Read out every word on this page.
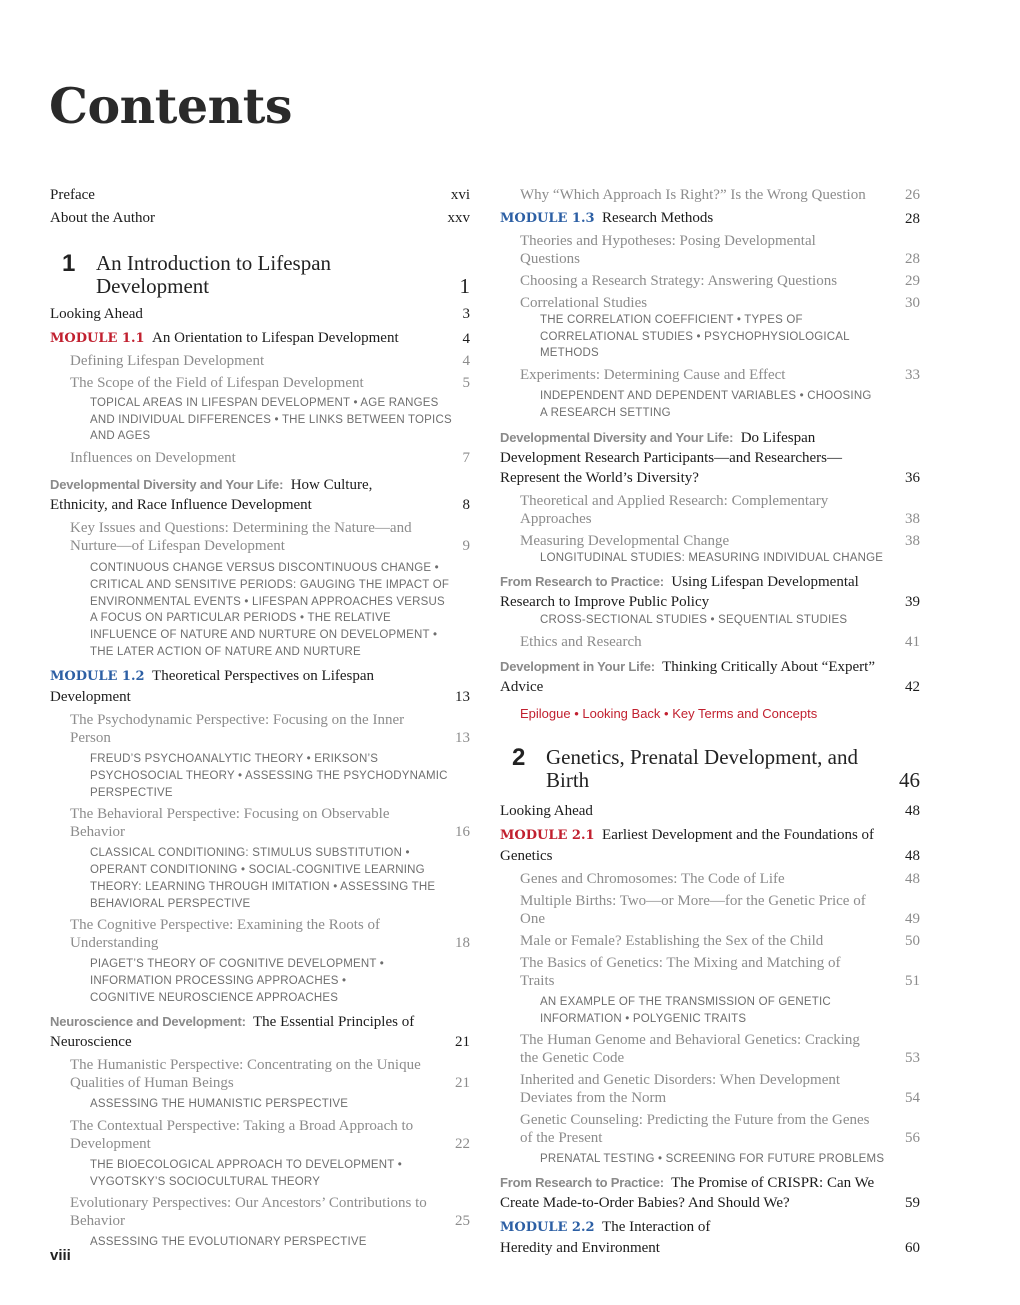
Contents
Preface	xvi
About the Author	xxv
1 An Introduction to Lifespan Development	1
Looking Ahead	3
MODULE 1.1 An Orientation to Lifespan Development	4
Defining Lifespan Development	4
The Scope of the Field of Lifespan Development	5
TOPICAL AREAS IN LIFESPAN DEVELOPMENT • AGE RANGES AND INDIVIDUAL DIFFERENCES • THE LINKS BETWEEN TOPICS AND AGES
Influences on Development	7
Developmental Diversity and Your Life: How Culture, Ethnicity, and Race Influence Development	8
Key Issues and Questions: Determining the Nature—and Nurture—of Lifespan Development	9
CONTINUOUS CHANGE VERSUS DISCONTINUOUS CHANGE • CRITICAL AND SENSITIVE PERIODS: GAUGING THE IMPACT OF ENVIRONMENTAL EVENTS • LIFESPAN APPROACHES VERSUS A FOCUS ON PARTICULAR PERIODS • THE RELATIVE INFLUENCE OF NATURE AND NURTURE ON DEVELOPMENT • THE LATER ACTION OF NATURE AND NURTURE
MODULE 1.2 Theoretical Perspectives on Lifespan Development	13
The Psychodynamic Perspective: Focusing on the Inner Person	13
FREUD’S PSYCHOANALYTIC THEORY • ERIKSON’S PSYCHOSOCIAL THEORY • ASSESSING THE PSYCHODYNAMIC PERSPECTIVE
The Behavioral Perspective: Focusing on Observable Behavior	16
CLASSICAL CONDITIONING: STIMULUS SUBSTITUTION • OPERANT CONDITIONING • SOCIAL-COGNITIVE LEARNING THEORY: LEARNING THROUGH IMITATION • ASSESSING THE BEHAVIORAL PERSPECTIVE
The Cognitive Perspective: Examining the Roots of Understanding	18
PIAGET’S THEORY OF COGNITIVE DEVELOPMENT • INFORMATION PROCESSING APPROACHES • COGNITIVE NEUROSCIENCE APPROACHES
Neuroscience and Development: The Essential Principles of Neuroscience	21
The Humanistic Perspective: Concentrating on the Unique Qualities of Human Beings	21
ASSESSING THE HUMANISTIC PERSPECTIVE
The Contextual Perspective: Taking a Broad Approach to Development	22
THE BIOECOLOGICAL APPROACH TO DEVELOPMENT • VYGOTSKY’S SOCIOCULTURAL THEORY
Evolutionary Perspectives: Our Ancestors’ Contributions to Behavior	25
ASSESSING THE EVOLUTIONARY PERSPECTIVE
Why “Which Approach Is Right?” Is the Wrong Question	26
MODULE 1.3 Research Methods	28
Theories and Hypotheses: Posing Developmental Questions	28
Choosing a Research Strategy: Answering Questions	29
Correlational Studies	30
THE CORRELATION COEFFICIENT • TYPES OF CORRELATIONAL STUDIES • PSYCHOPHYSIOLOGICAL METHODS
Experiments: Determining Cause and Effect	33
INDEPENDENT AND DEPENDENT VARIABLES • CHOOSING A RESEARCH SETTING
Developmental Diversity and Your Life: Do Lifespan Development Research Participants—and Researchers—Represent the World’s Diversity?	36
Theoretical and Applied Research: Complementary Approaches	38
Measuring Developmental Change	38
LONGITUDINAL STUDIES: MEASURING INDIVIDUAL CHANGE
From Research to Practice: Using Lifespan Developmental Research to Improve Public Policy	39
CROSS-SECTIONAL STUDIES • SEQUENTIAL STUDIES
Ethics and Research	41
Development in Your Life: Thinking Critically About “Expert” Advice	42
Epilogue • Looking Back • Key Terms and Concepts
2 Genetics, Prenatal Development, and Birth	46
Looking Ahead	48
MODULE 2.1 Earliest Development and the Foundations of Genetics	48
Genes and Chromosomes: The Code of Life	48
Multiple Births: Two—or More—for the Genetic Price of One	49
Male or Female? Establishing the Sex of the Child	50
The Basics of Genetics: The Mixing and Matching of Traits	51
AN EXAMPLE OF THE TRANSMISSION OF GENETIC INFORMATION • POLYGENIC TRAITS
The Human Genome and Behavioral Genetics: Cracking the Genetic Code	53
Inherited and Genetic Disorders: When Development Deviates from the Norm	54
Genetic Counseling: Predicting the Future from the Genes of the Present	56
PRENATAL TESTING • SCREENING FOR FUTURE PROBLEMS
From Research to Practice: The Promise of CRISPR: Can We Create Made-to-Order Babies? And Should We?	59
MODULE 2.2 The Interaction of Heredity and Environment	60
viii
